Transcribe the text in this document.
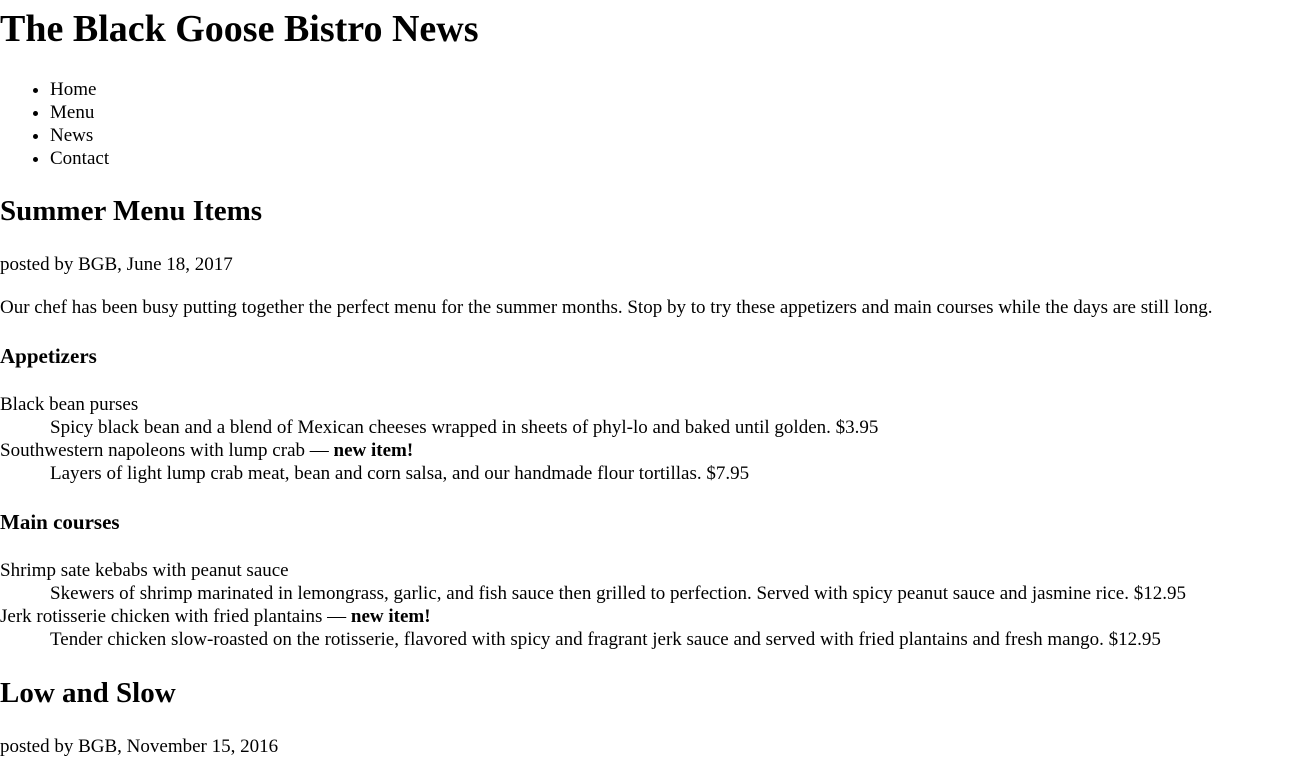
The Black Goose Bistro News
• Home
• Menu
• News
• Contact
Summer Menu Items

posted by BGB, June 18, 2017

Our chef has been busy putting together the perfect menu for the summer months. Stop by to try these appetizers and main courses while the days are still long.

Appetizers
Black bean purses
Spicy black bean and a blend of Mexican cheeses wrapped in sheets of phyl-lo and baked until golden. $3.95
Southwestern napoleons with lump crab — new item!
Layers of light lump crab meat, bean and corn salsa, and our handmade flour tortillas. $7.95
Main courses
Shrimp sate kebabs with peanut sauce
Skewers of shrimp marinated in lemongrass, garlic, and fish sauce then grilled to perfection. Served with spicy peanut sauce and jasmine rice. $12.95
Jerk rotisserie chicken with fried plantains — new item!
Tender chicken slow-roasted on the rotisserie, flavored with spicy and fragrant jerk sauce and served with fried plantains and fresh mango. $12.95
Low and Slow

posted by BGB, November 15, 2016
